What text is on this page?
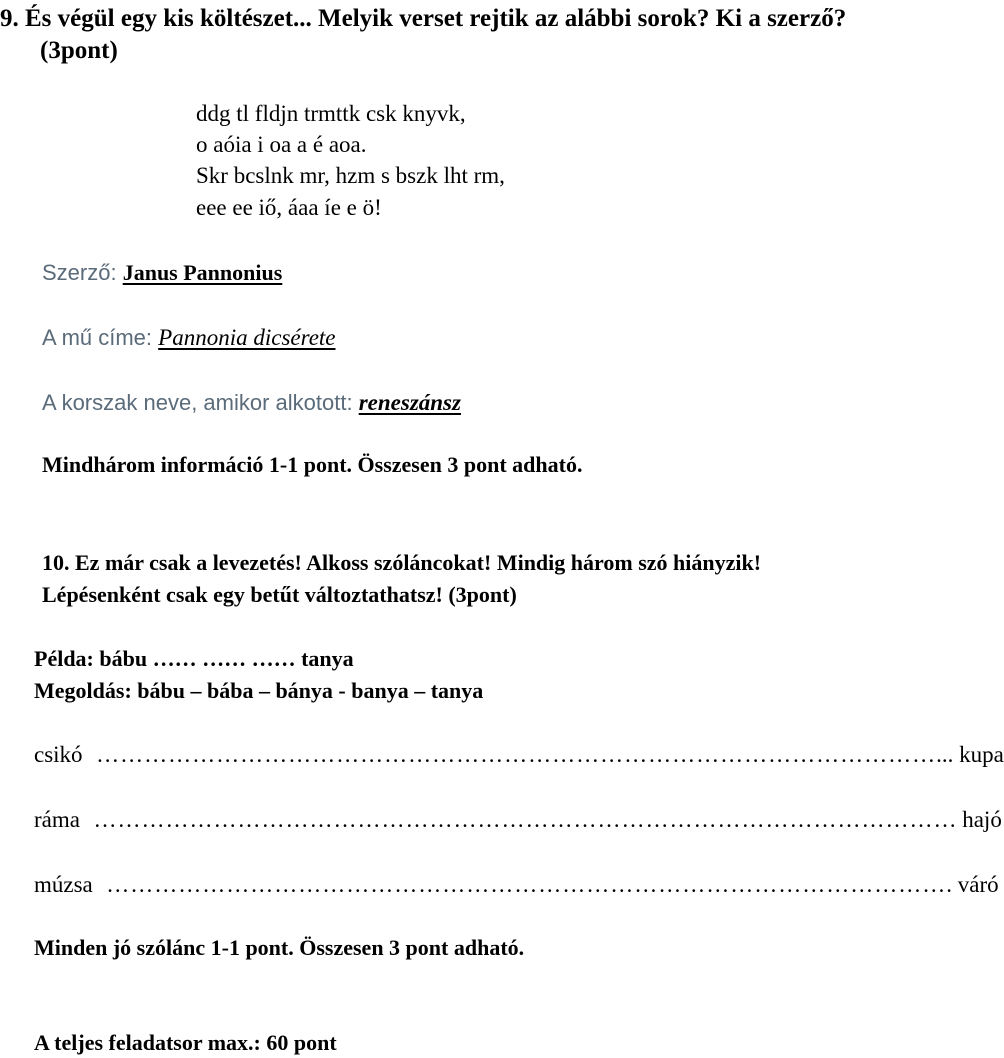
9. És végül egy kis költészet... Melyik verset rejtik az alábbi sorok? Ki a szerző?
(3pont)
ddg tl fldjn trmttk csk knyvk,
o aóia i oa a é aoa.
Skr bcslnk mr, hzm s bszk lht rm,
eee ee iő, áaa íe e ö!
Szerző: Janus Pannonius
A mű címe: Pannonia dicsérete
A korszak neve, amikor alkotott: reneszánsz
Mindhárom információ 1-1 pont. Összesen 3 pont adható.
10. Ez már csak a levezetés! Alkoss szóláncokat! Mindig három szó hiányzik!
Lépésenként csak egy betűt változtathatsz! (3pont)
Példa: bábu …… …… …… tanya
Megoldás: bábu – bába – bánya - banya – tanya
csikó …………………………………………………………………………………………… ... kupa
ráma …………………………………………………………………………………………… … hajó
múzsa …………………………………………………………………………………………… . váró
Minden jó szólánc 1-1 pont. Összesen 3 pont adható.
A teljes feladatsor max.: 60 pont
